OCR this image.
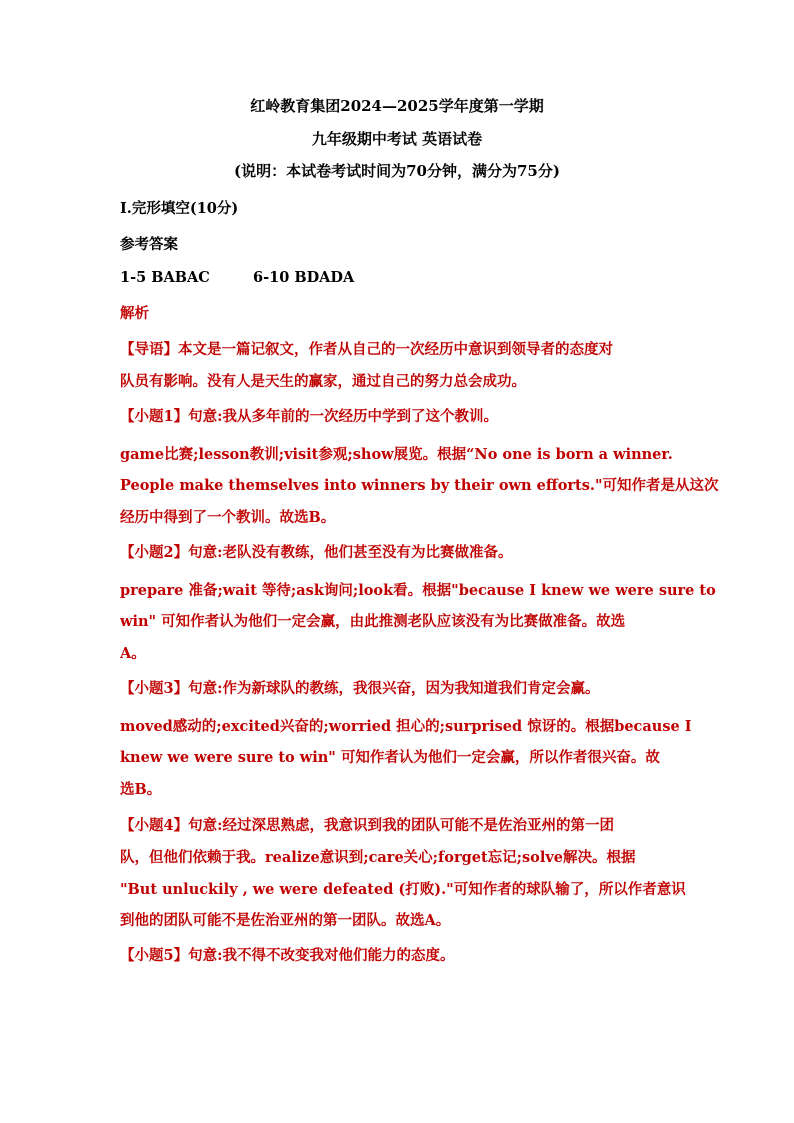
红岭教育集团2024—2025学年度第一学期
九年级期中考试 英语试卷
(说明：本试卷考试时间为70分钟，满分为75分)
I.完形填空(10分)
参考答案
1-5 BABAC	6-10 BDADA
解析
【导语】本文是一篇记叙文，作者从自己的一次经历中意识到领导者的态度对
队员有影响。没有人是天生的赢家，通过自己的努力总会成功。
【小题1】句意:我从多年前的一次经历中学到了这个教训。
game比赛;lesson教训;visit参观;show展览。根据“No one is born a winner.
People make themselves into winners by their own efforts."可知作者是从这次
经历中得到了一个教训。故选B。
【小题2】句意:老队没有教练，他们甚至没有为比赛做准备。
prepare 准备;wait 等待;ask询问;look看。根据"because I knew we were sure to
win" 可知作者认为他们一定会赢，由此推测老队应该没有为比赛做准备。故选
A。
【小题3】句意:作为新球队的教练，我很兴奋，因为我知道我们肯定会赢。
moved感动的;excited兴奋的;worried 担心的;surprised 惊讶的。根据because I
knew we were sure to win" 可知作者认为他们一定会赢，所以作者很兴奋。故
选B。
【小题4】句意:经过深思熟虑，我意识到我的团队可能不是佐治亚州的第一团
队，但他们依赖于我。realize意识到;care关心;forget忘记;solve解决。根据
"But unluckily , we were defeated (打败)."可知作者的球队输了，所以作者意识
到他的团队可能不是佐治亚州的第一团队。故选A。
【小题5】句意:我不得不改变我对他们能力的态度。
